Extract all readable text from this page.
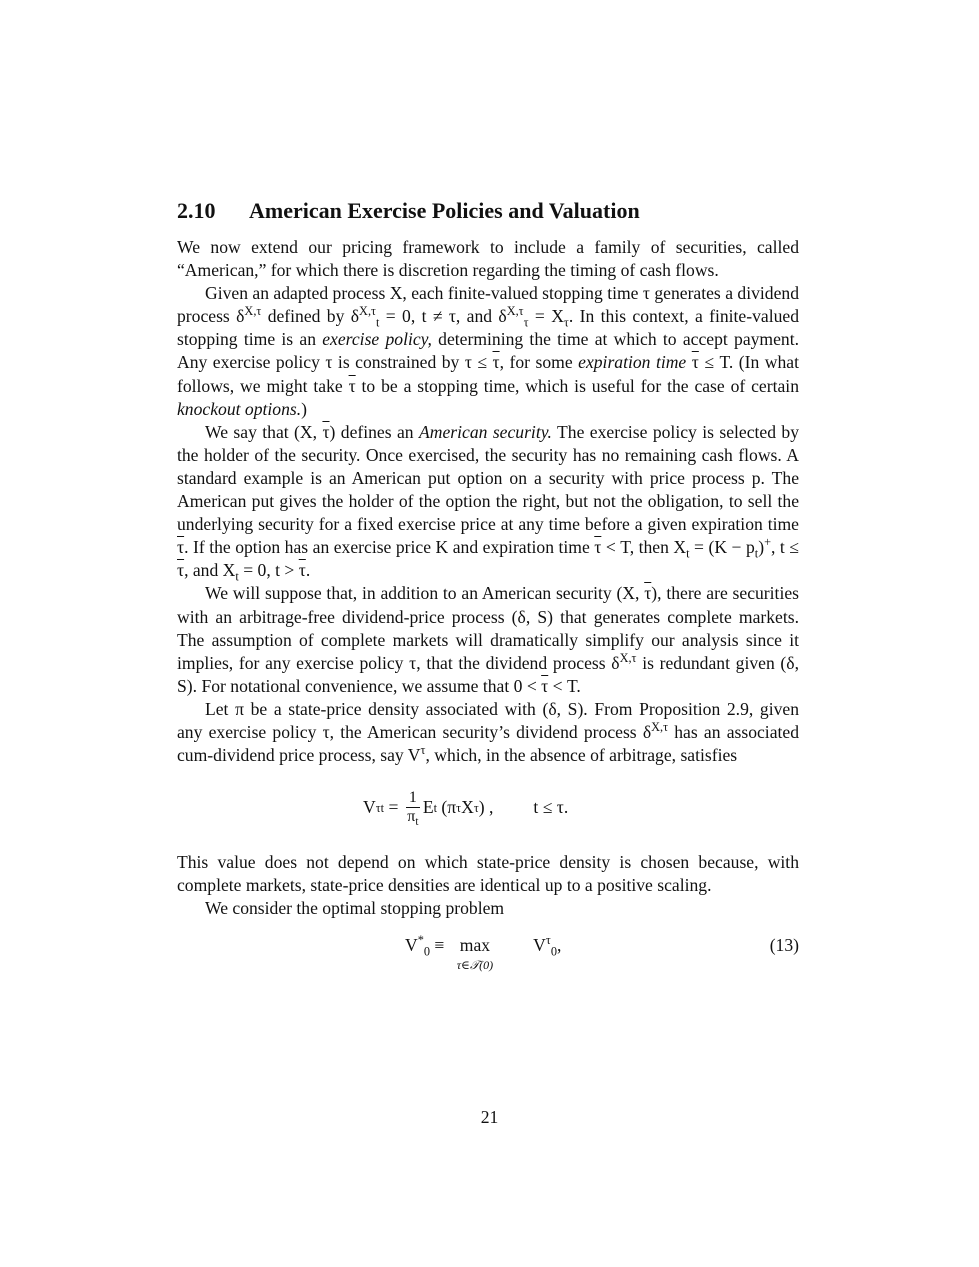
2.10 American Exercise Policies and Valuation

We now extend our pricing framework to include a family of securities, called “American,” for which there is discretion regarding the timing of cash flows.

Given an adapted process X, each finite-valued stopping time τ generates a dividend process $\delta^{X,\tau}$ defined by $\delta^{X,\tau}_t = 0$, t ≠ τ, and $\delta^{X,\tau}_\tau = X_\tau$. In this context, a finite-valued stopping time is an exercise policy, determining the time at which to accept payment. Any exercise policy τ is constrained by $\tau \le \overline{\tau}$, for some expiration time $\overline{\tau} \le T$. (In what follows, we might take $\overline{\tau}$ to be a stopping time, which is useful for the case of certain knockout options.)

We say that (X, $\overline{\tau}$) defines an American security. The exercise policy is selected by the holder of the security. Once exercised, the security has no remaining cash flows. A standard example is an American put option on a security with price process p. The American put gives the holder of the option the right, but not the obligation, to sell the underlying security for a fixed exercise price at any time before a given expiration time $\overline{\tau}$. If the option has an exercise price K and expiration time $\overline{\tau} < T$, then $X_t = (K - p_t)^+$, $t \le \overline{\tau}$, and $X_t = 0$, $t > \overline{\tau}$.

We will suppose that, in addition to an American security (X, $\overline{\tau}$), there are securities with an arbitrage-free dividend-price process (δ, S) that generates complete markets. The assumption of complete markets will dramatically simplify our analysis since it implies, for any exercise policy τ, that the dividend process $\delta^{X,\tau}$ is redundant given (δ, S). For notational convenience, we assume that $0 < \overline{\tau} < T$.

Let π be a state-price density associated with (δ, S). From Proposition 2.9, given any exercise policy τ, the American security’s dividend process $\delta^{X,\tau}$ has an associated cum-dividend price process, say $V^\tau$, which, in the absence of arbitrage, satisfies

V τ $t = \frac{1}{\pi_t}$ E t (π τ X τ ) , t ≤ τ.

This value does not depend on which state-price density is chosen because, with complete markets, state-price densities are identical up to a positive scaling.

We consider the optimal stopping problem

$V^*_0 \equiv \max$
τ∈𝒯(0)
$V^\tau_0$,	(13)
21
